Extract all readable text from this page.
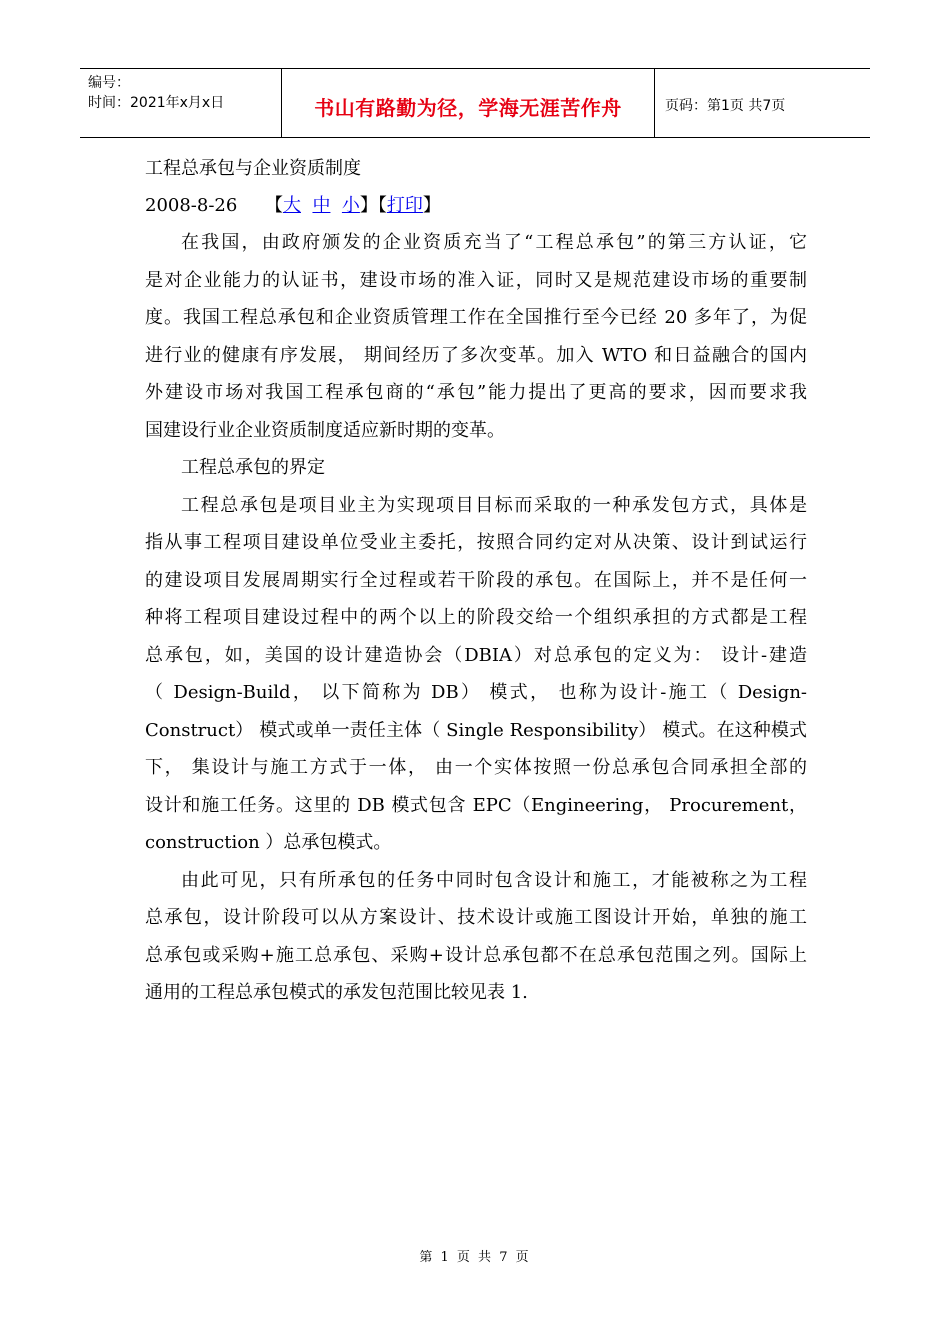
编号：
时间：2021年x月x日	书山有路勤为径，学海无涯苦作舟	页码：第1页 共7页
工程总承包与企业资质制度
2008-8-26	【大 中 小】【打印】
在我国，由政府颁发的企业资质充当了“工程总承包”的第三方认证，它
是对企业能力的认证书，建设市场的准入证，同时又是规范建设市场的重要制
度。我国工程总承包和企业资质管理工作在全国推行至今已经 20 多年了，为促
进行业的健康有序发展， 期间经历了多次变革。加入 WTO 和日益融合的国内
外建设市场对我国工程承包商的“承包”能力提出了更高的要求，因而要求我
国建设行业企业资质制度适应新时期的变革。
工程总承包的界定
工程总承包是项目业主为实现项目目标而采取的一种承发包方式，具体是
指从事工程项目建设单位受业主委托，按照合同约定对从决策、设计到试运行
的建设项目发展周期实行全过程或若干阶段的承包。在国际上，并不是任何一
种将工程项目建设过程中的两个以上的阶段交给一个组织承担的方式都是工程
总承包，如，美国的设计建造协会（DBIA）对总承包的定义为： 设计-建造
（ Design-Build， 以下简称为 DB） 模式， 也称为设计-施工（ Design-
Construct） 模式或单一责任主体（ Single Responsibility） 模式。在这种模式
下， 集设计与施工方式于一体， 由一个实体按照一份总承包合同承担全部的
设计和施工任务。这里的 DB 模式包含 EPC（Engineering， Procurement，
construction ）总承包模式。
由此可见，只有所承包的任务中同时包含设计和施工，才能被称之为工程
总承包，设计阶段可以从方案设计、技术设计或施工图设计开始，单独的施工
总承包或采购+施工总承包、采购+设计总承包都不在总承包范围之列。国际上
通用的工程总承包模式的承发包范围比较见表 1.
第 1 页 共 7 页
